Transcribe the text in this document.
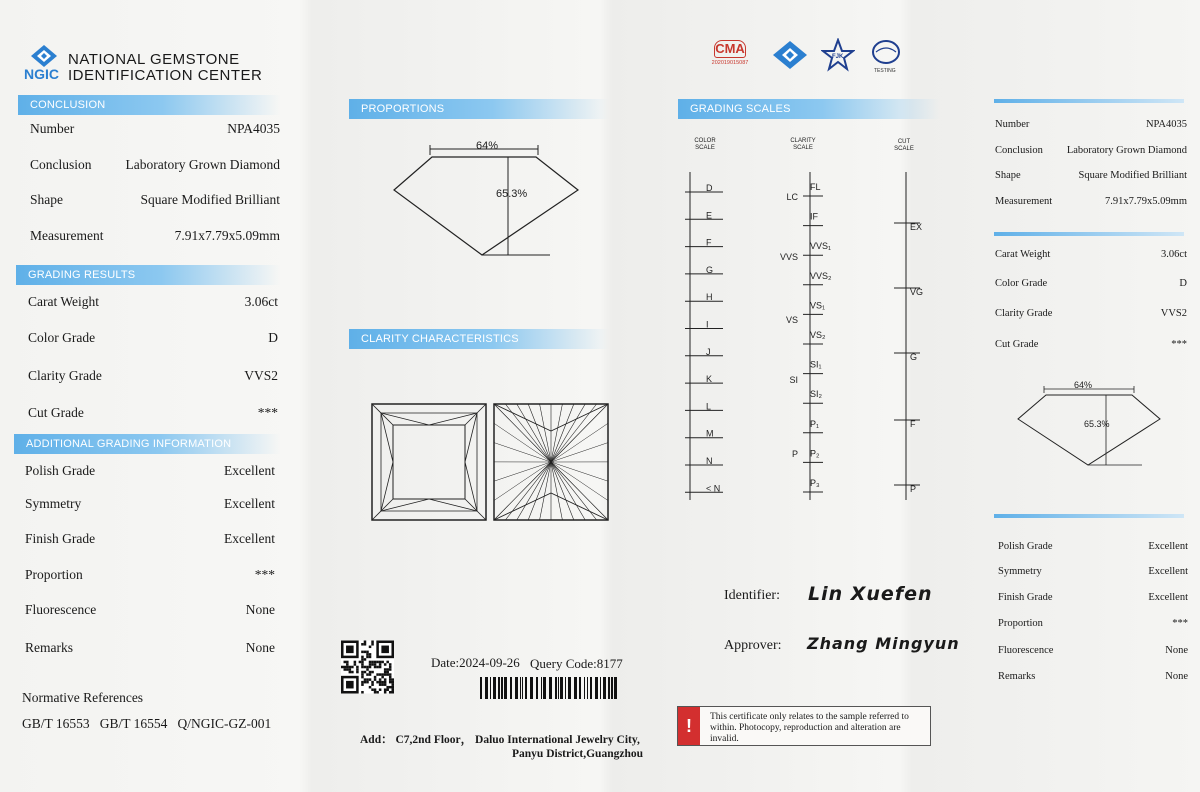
NGIC
NATIONAL GEMSTONE
IDENTIFICATION CENTER
CONCLUSION
Number	NPA4035
Conclusion	Laboratory Grown Diamond
Shape	Square Modified Brilliant
Measurement	7.91x7.79x5.09mm
GRADING RESULTS
Carat Weight	3.06ct
Color Grade	D
Clarity Grade	VVS2
Cut Grade	***
ADDITIONAL GRADING INFORMATION
Polish Grade	Excellent
Symmetry	Excellent
Finish Grade	Excellent
Proportion	***
Fluorescence	None
Remarks	None
Normative References
GB/T 16553   GB/T 16554   Q/NGIC-GZ-001
PROPORTIONS
64%
65.3%
CLARITY CHARACTERISTICS
Date:2024-09-26 Query Code:8177
Add： C7,2nd Floor， Daluo International Jewelry City,
Panyu District,Guangzhou
CMA
202019015087
FJK
TESTING
GRADING SCALES
COLOR
SCALE
CLARITY
SCALE
CUT
SCALE
D
E
F
G
H
I
J
K
L
M
N
< N
FL
IF
VVS₁
VVS₂
VS₁
VS₂
SI₁
SI₂
P₁
P₂
P₃
LC
VVS
VS
SI
P
EX
VG
G
F
P
Identifier: Lin Xuefen
Approver: Zhang Mingyun
!	This certificate only relates to the sample referred to within. Photocopy, reproduction and alteration are invalid.
Number	NPA4035
Conclusion Laboratory Grown Diamond
Shape	Square Modified Brilliant
Measurement	7.91x7.79x5.09mm
Carat Weight	3.06ct
Color Grade	D
Clarity Grade	VVS2
Cut Grade	***
64%
65.3%
Polish Grade	Excellent
Symmetry	Excellent
Finish Grade	Excellent
Proportion	***
Fluorescence	None
Remarks	None
